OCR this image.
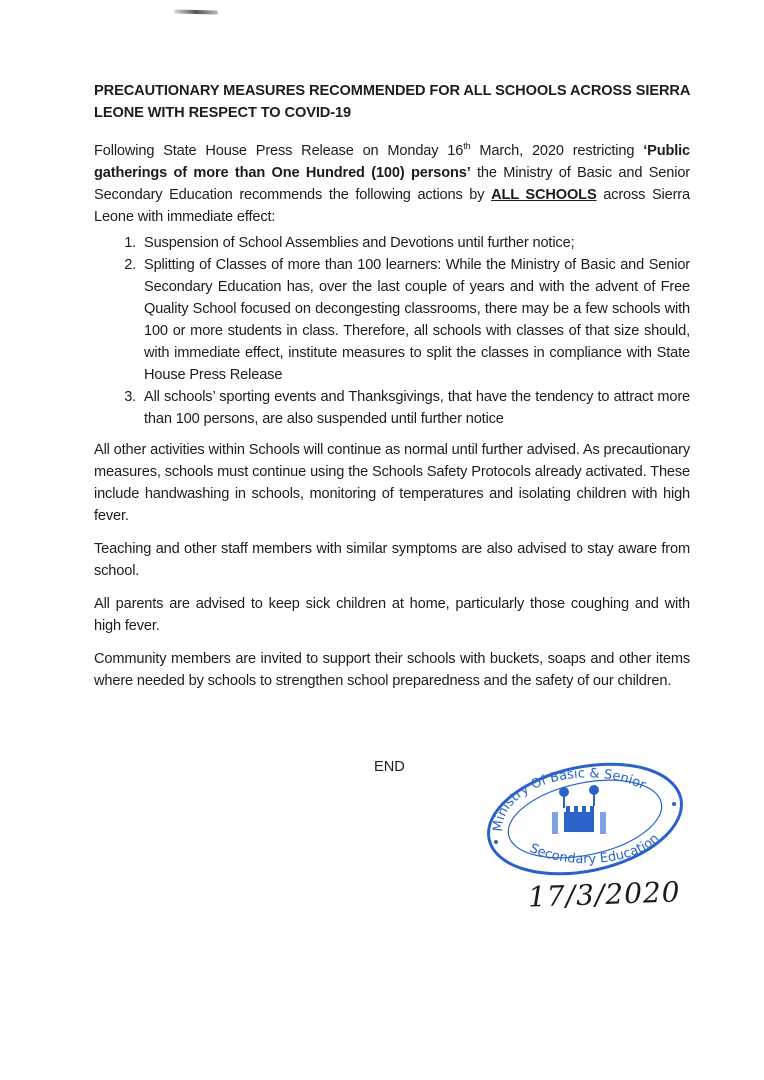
PRECAUTIONARY MEASURES RECOMMENDED FOR ALL SCHOOLS ACROSS SIERRA LEONE WITH RESPECT TO COVID-19

Following State House Press Release on Monday 16th March, 2020 restricting ‘Public gatherings of more than One Hundred (100) persons’ the Ministry of Basic and Senior Secondary Education recommends the following actions by ALL SCHOOLS across Sierra Leone with immediate effect:

1. Suspension of School Assemblies and Devotions until further notice;
2. Splitting of Classes of more than 100 learners: While the Ministry of Basic and Senior Secondary Education has, over the last couple of years and with the advent of Free Quality School focused on decongesting classrooms, there may be a few schools with 100 or more students in class. Therefore, all schools with classes of that size should, with immediate effect, institute measures to split the classes in compliance with State House Press Release
3. All schools’ sporting events and Thanksgivings, that have the tendency to attract more than 100 persons, are also suspended until further notice

All other activities within Schools will continue as normal until further advised. As precautionary measures, schools must continue using the Schools Safety Protocols already activated. These include handwashing in schools, monitoring of temperatures and isolating children with high fever.

Teaching and other staff members with similar symptoms are also advised to stay aware from school.

All parents are advised to keep sick children at home, particularly those coughing and with high fever.

Community members are invited to support their schools with buckets, soaps and other items where needed by schools to strengthen school preparedness and the safety of our children.

END
Ministry Of Basic & Senior
Secondary Education
17/3/2020
